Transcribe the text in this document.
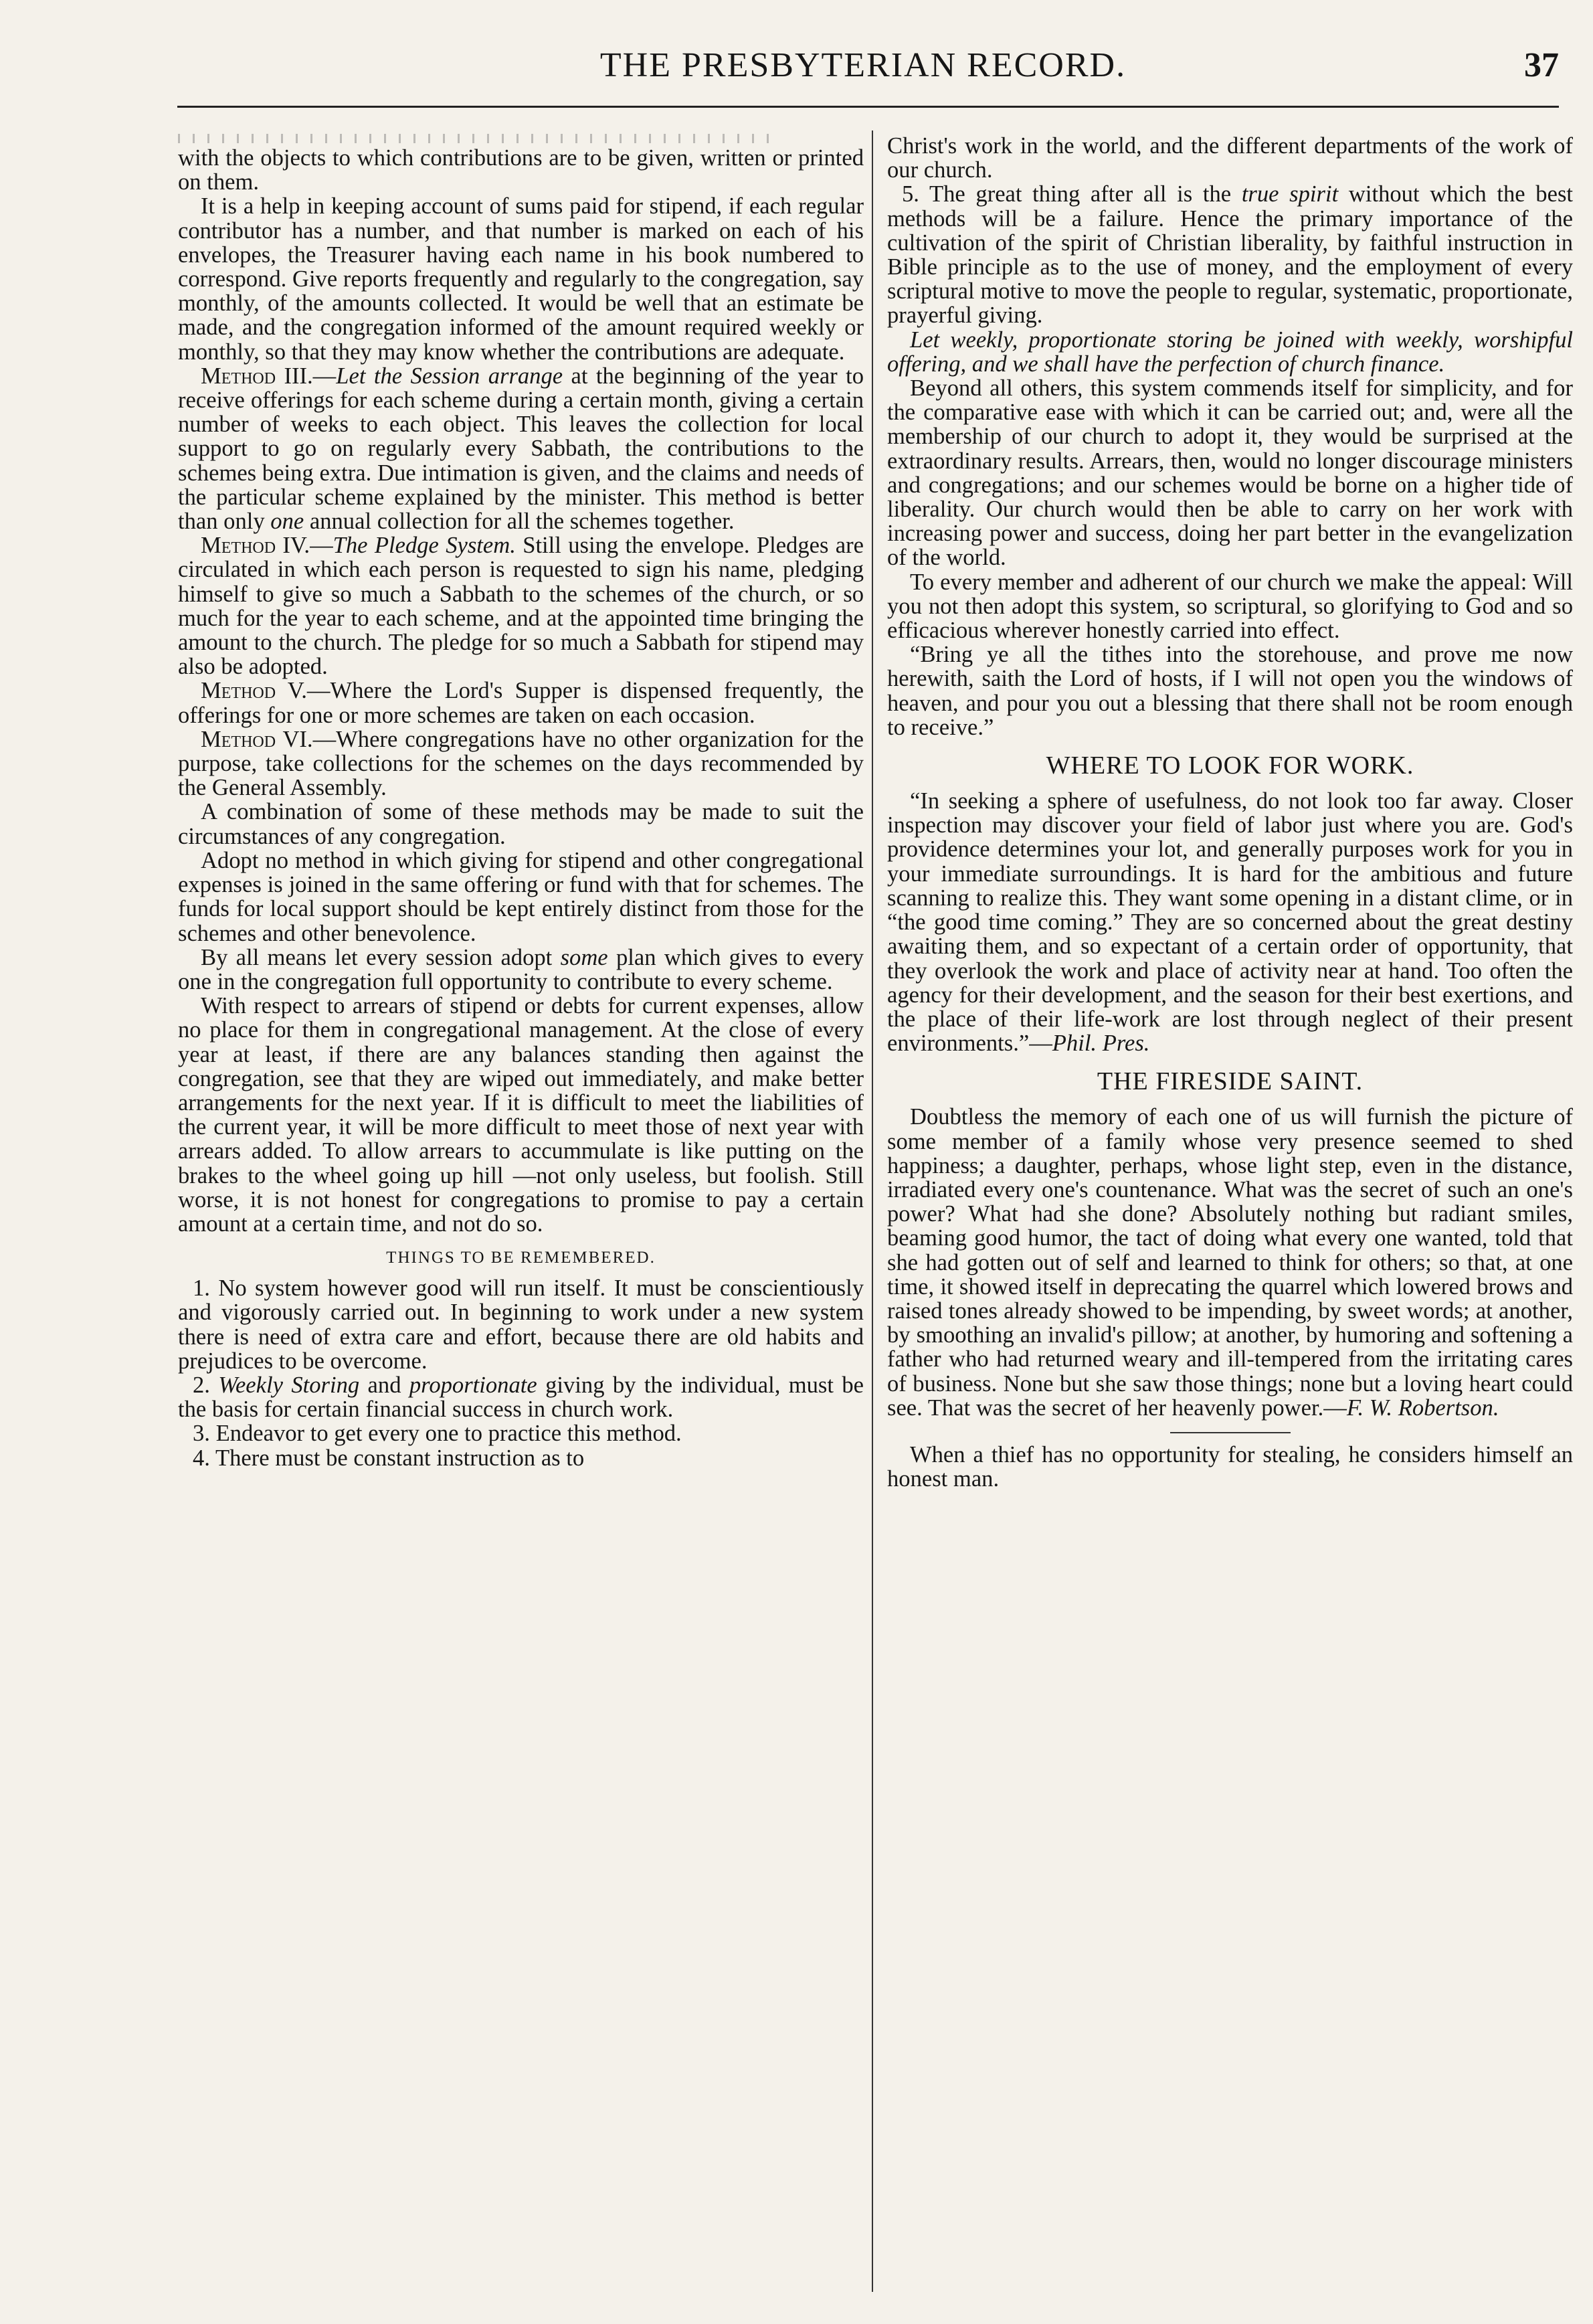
THE PRESBYTERIAN RECORD.	37

with the objects to which contributions are to be given, written or printed on them.

It is a help in keeping account of sums paid for stipend, if each regular contributor has a number, and that number is marked on each of his envelopes, the Treasurer having each name in his book numbered to correspond. Give reports frequently and regularly to the congregation, say monthly, of the amounts collected. It would be well that an estimate be made, and the congregation informed of the amount required weekly or monthly, so that they may know whether the contributions are adequate.

Method III.—Let the Session arrange at the beginning of the year to receive offerings for each scheme during a certain month, giving a certain number of weeks to each object. This leaves the collection for local support to go on regularly every Sabbath, the contributions to the schemes being extra. Due intimation is given, and the claims and needs of the particular scheme explained by the minister. This method is better than only one annual collection for all the schemes together.

Method IV.—The Pledge System. Still using the envelope. Pledges are circulated in which each person is requested to sign his name, pledging himself to give so much a Sabbath to the schemes of the church, or so much for the year to each scheme, and at the appointed time bringing the amount to the church. The pledge for so much a Sabbath for stipend may also be adopted.

Method V.—Where the Lord's Supper is dispensed frequently, the offerings for one or more schemes are taken on each occasion.

Method VI.—Where congregations have no other organization for the purpose, take collections for the schemes on the days recommended by the General Assembly.

A combination of some of these methods may be made to suit the circumstances of any congregation.

Adopt no method in which giving for stipend and other congregational expenses is joined in the same offering or fund with that for schemes. The funds for local support should be kept entirely distinct from those for the schemes and other benevolence.

By all means let every session adopt some plan which gives to every one in the congregation full opportunity to contribute to every scheme.

With respect to arrears of stipend or debts for current expenses, allow no place for them in congregational management. At the close of every year at least, if there are any balances standing then against the congregation, see that they are wiped out immediately, and make better arrangements for the next year. If it is difficult to meet the liabilities of the current year, it will be more difficult to meet those of next year with arrears added. To allow arrears to accummulate is like putting on the brakes to the wheel going up hill —not only useless, but foolish. Still worse, it is not honest for congregations to promise to pay a certain amount at a certain time, and not do so.

THINGS TO BE REMEMBERED.

1. No system however good will run itself. It must be conscientiously and vigorously carried out. In beginning to work under a new system there is need of extra care and effort, because there are old habits and prejudices to be overcome.

2. Weekly Storing and proportionate giving by the individual, must be the basis for certain financial success in church work.

3. Endeavor to get every one to practice this method.

4. There must be constant instruction as to

Christ's work in the world, and the different departments of the work of our church.

5. The great thing after all is the true spirit without which the best methods will be a failure. Hence the primary importance of the cultivation of the spirit of Christian liberality, by faithful instruction in Bible principle as to the use of money, and the employment of every scriptural motive to move the people to regular, systematic, proportionate, prayerful giving.

Let weekly, proportionate storing be joined with weekly, worshipful offering, and we shall have the perfection of church finance.

Beyond all others, this system commends itself for simplicity, and for the comparative ease with which it can be carried out; and, were all the membership of our church to adopt it, they would be surprised at the extraordinary results. Arrears, then, would no longer discourage ministers and congregations; and our schemes would be borne on a higher tide of liberality. Our church would then be able to carry on her work with increasing power and success, doing her part better in the evangelization of the world.

To every member and adherent of our church we make the appeal: Will you not then adopt this system, so scriptural, so glorifying to God and so efficacious wherever honestly carried into effect.

“Bring ye all the tithes into the storehouse, and prove me now herewith, saith the Lord of hosts, if I will not open you the windows of heaven, and pour you out a blessing that there shall not be room enough to receive.”

WHERE TO LOOK FOR WORK.

“In seeking a sphere of usefulness, do not look too far away. Closer inspection may discover your field of labor just where you are. God's providence determines your lot, and generally purposes work for you in your immediate surroundings. It is hard for the ambitious and future scanning to realize this. They want some opening in a distant clime, or in “the good time coming.” They are so concerned about the great destiny awaiting them, and so expectant of a certain order of opportunity, that they overlook the work and place of activity near at hand. Too often the agency for their development, and the season for their best exertions, and the place of their life-work are lost through neglect of their present environments.”—Phil. Pres.

THE FIRESIDE SAINT.

Doubtless the memory of each one of us will furnish the picture of some member of a family whose very presence seemed to shed happiness; a daughter, perhaps, whose light step, even in the distance, irradiated every one's countenance. What was the secret of such an one's power? What had she done? Absolutely nothing but radiant smiles, beaming good humor, the tact of doing what every one wanted, told that she had gotten out of self and learned to think for others; so that, at one time, it showed itself in deprecating the quarrel which lowered brows and raised tones already showed to be impending, by sweet words; at another, by smoothing an invalid's pillow; at another, by humoring and softening a father who had returned weary and ill-tempered from the irritating cares of business. None but she saw those things; none but a loving heart could see. That was the secret of her heavenly power.—F. W. Robertson.

When a thief has no opportunity for stealing, he considers himself an honest man.
